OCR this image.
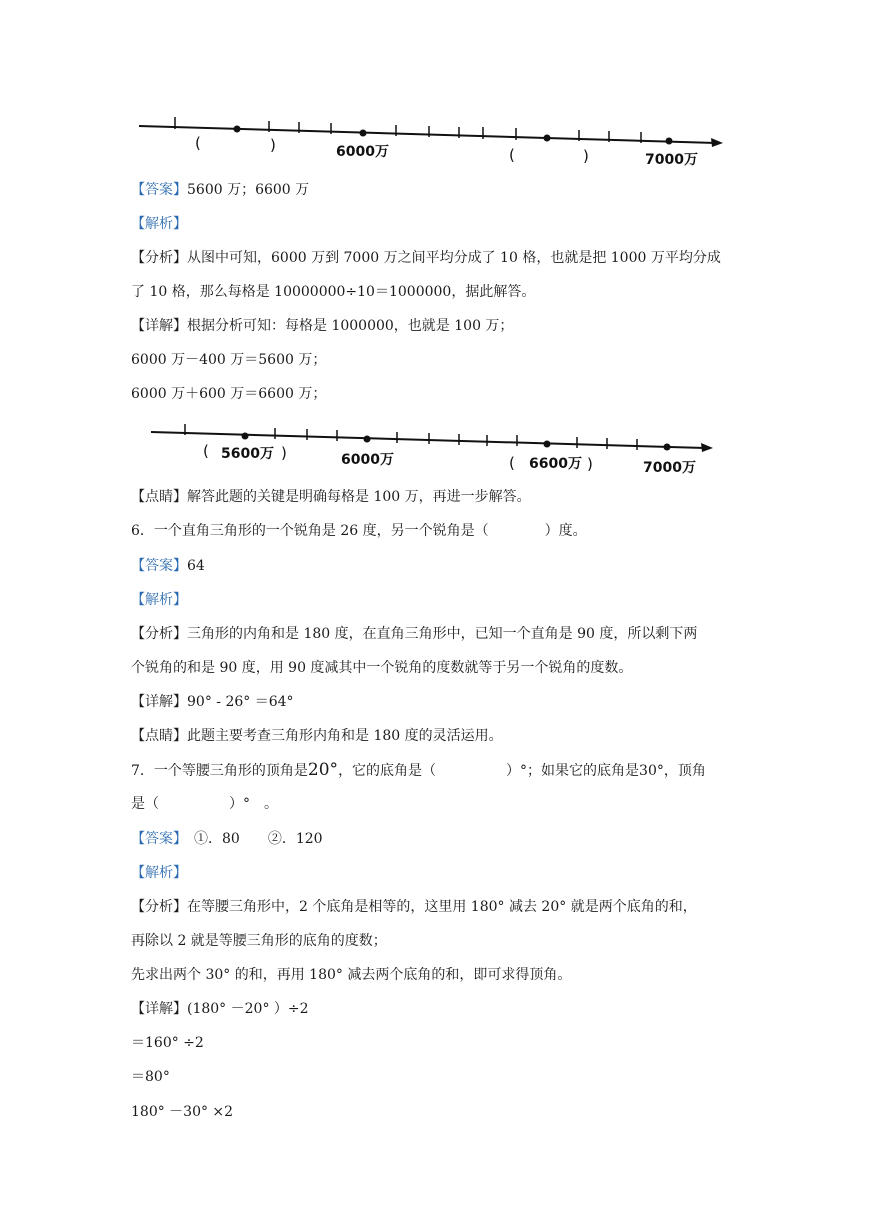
(	)	6000万	(	)	7000万
【答案】5600 万；6600 万
【解析】
【分析】从图中可知，6000 万到 7000 万之间平均分成了 10 格，也就是把 1000 万平均分成
了 10 格，那么每格是 10000000÷10＝1000000，据此解答。
【详解】根据分析可知：每格是 1000000，也就是 100 万；
6000 万－400 万＝5600 万；
6000 万＋600 万＝6600 万；
( 5600万 )	6000万	( 6600万 )	7000万
【点睛】解答此题的关键是明确每格是 100 万，再进一步解答。
6．一个直角三角形的一个锐角是 26 度，另一个锐角是（　　　　）度。
【答案】64
【解析】
【分析】三角形的内角和是 180 度，在直角三角形中，已知一个直角是 90 度，所以剩下两
个锐角的和是 90 度，用 90 度减其中一个锐角的度数就等于另一个锐角的度数。
【详解】90° - 26° ＝64°
【点睛】此题主要考查三角形内角和是 180 度的灵活运用。
7．一个等腰三角形的顶角是20°，它的底角是（　　　　　）°；如果它的底角是30°，顶角
是（　　　　　）°　。
【答案】　①．80　　②．120
【解析】
【分析】在等腰三角形中，2 个底角是相等的，这里用 180° 减去 20° 就是两个底角的和，
再除以 2 就是等腰三角形的底角的度数；
先求出两个 30° 的和，再用 180° 减去两个底角的和，即可求得顶角。
【详解】(180° －20° ）÷2
＝160° ÷2
＝80°
180° －30° ×2
